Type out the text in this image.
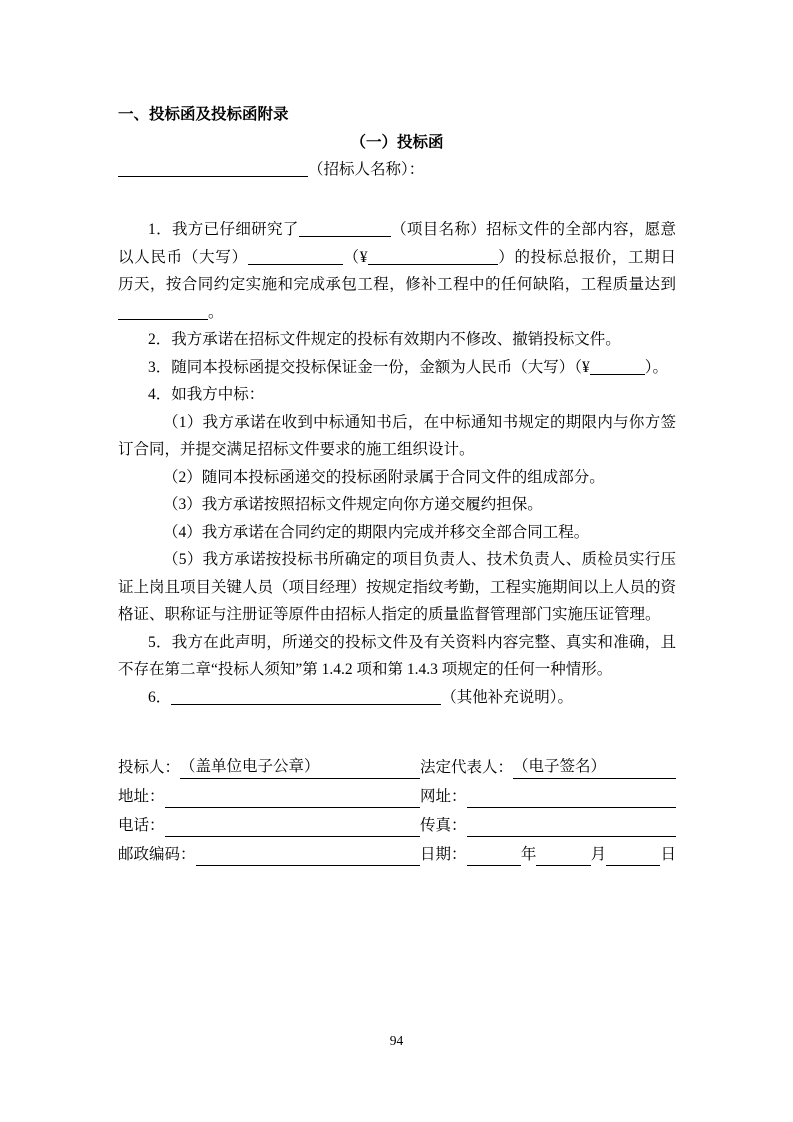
一、投标函及投标函附录
（一）投标函
（招标人名称）：
1．我方已仔细研究了	（项目名称）招标文件的全部内容，愿意以人民币（大写）	（¥	）的投标总报价，工期日历天，按合同约定实施和完成承包工程，修补工程中的任何缺陷，工程质量达到。
2．我方承诺在招标文件规定的投标有效期内不修改、撤销投标文件。
3．随同本投标函提交投标保证金一份，金额为人民币（大写）（¥	）。
4．如我方中标：
（1）我方承诺在收到中标通知书后，在中标通知书规定的期限内与你方签订合同，并提交满足招标文件要求的施工组织设计。
（2）随同本投标函递交的投标函附录属于合同文件的组成部分。
（3）我方承诺按照招标文件规定向你方递交履约担保。
（4）我方承诺在合同约定的期限内完成并移交全部合同工程。
（5）我方承诺按投标书所确定的项目负责人、技术负责人、质检员实行压证上岗且项目关键人员（项目经理）按规定指纹考勤，工程实施期间以上人员的资格证、职称证与注册证等原件由招标人指定的质量监督管理部门实施压证管理。
5．我方在此声明，所递交的投标文件及有关资料内容完整、真实和准确，且不存在第二章“投标人须知”第 1.4.2 项和第 1.4.3 项规定的任何一种情形。
6．	（其他补充说明）。
投标人： （盖单位电子公章）	法定代表人： （电子签名）
地址：	网址：
电话：	传真：
邮政编码：	日期：	年	月	日
94
